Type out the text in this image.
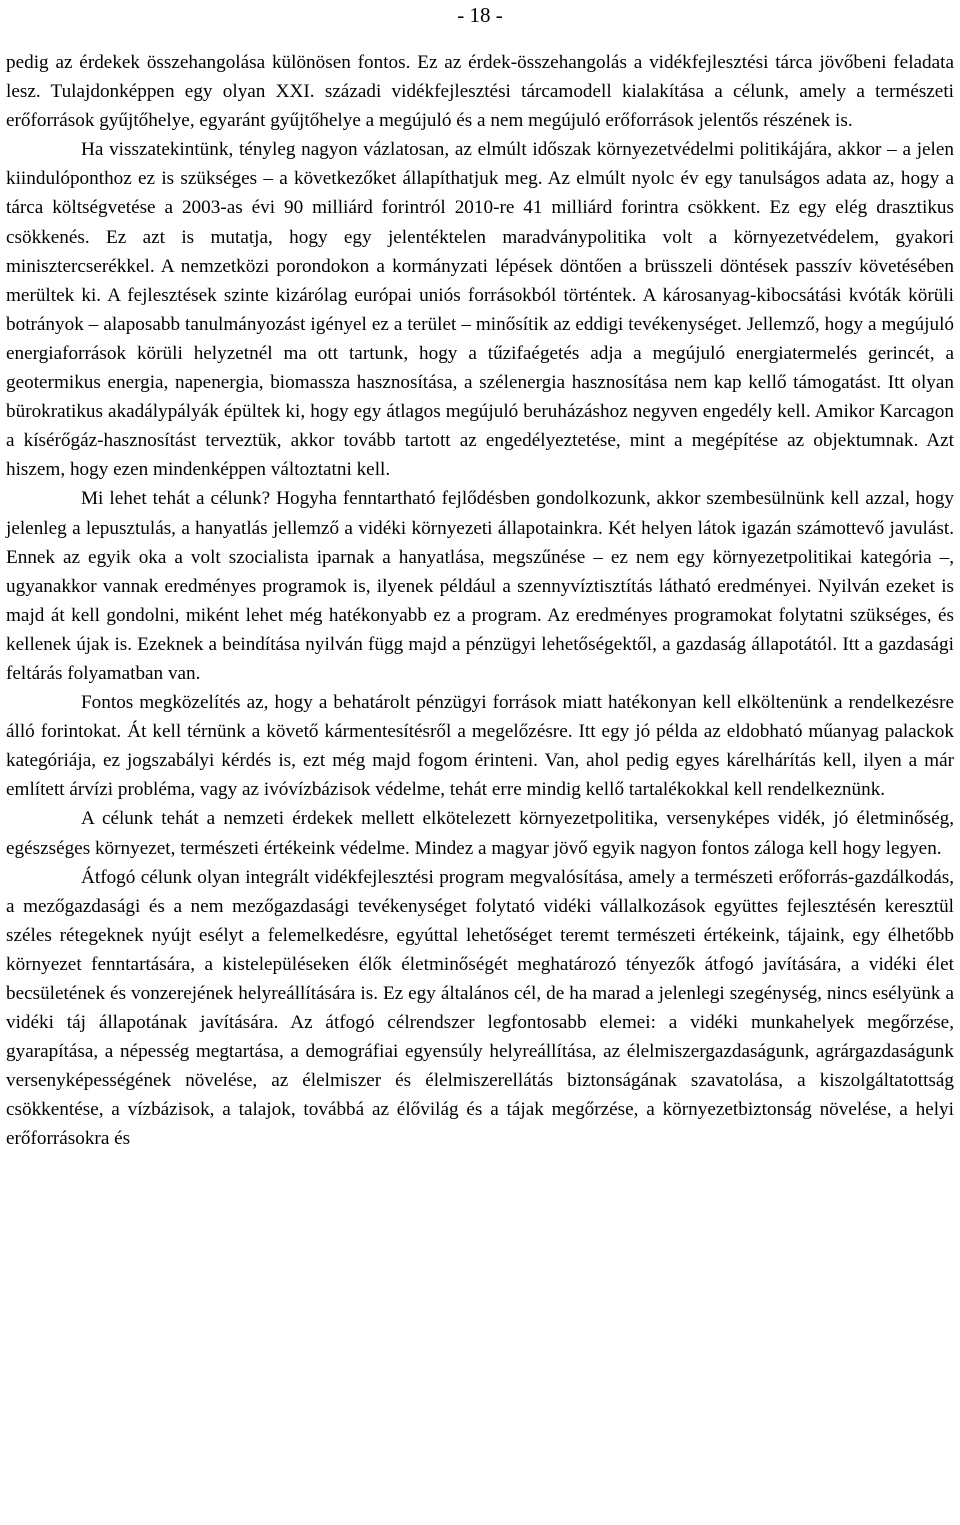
- 18 -

pedig az érdekek összehangolása különösen fontos. Ez az érdek-összehangolás a vidékfejlesztési tárca jövőbeni feladata lesz. Tulajdonképpen egy olyan XXI. századi vidékfejlesztési tárcamodell kialakítása a célunk, amely a természeti erőforrások gyűjtőhelye, egyaránt gyűjtőhelye a megújuló és a nem megújuló erőforrások jelentős részének is.

Ha visszatekintünk, tényleg nagyon vázlatosan, az elmúlt időszak környezetvédelmi politikájára, akkor – a jelen kiindulóponthoz ez is szükséges – a következőket állapíthatjuk meg. Az elmúlt nyolc év egy tanulságos adata az, hogy a tárca költségvetése a 2003-as évi 90 milliárd forintról 2010-re 41 milliárd forintra csökkent. Ez egy elég drasztikus csökkenés. Ez azt is mutatja, hogy egy jelentéktelen maradványpolitika volt a környezetvédelem, gyakori minisztercserékkel. A nemzetközi porondokon a kormányzati lépések döntően a brüsszeli döntések passzív követésében merültek ki. A fejlesztések szinte kizárólag európai uniós forrásokból történtek. A károsanyag-kibocsátási kvóták körüli botrányok – alaposabb tanulmányozást igényel ez a terület – minősítik az eddigi tevékenységet. Jellemző, hogy a megújuló energiaforrások körüli helyzetnél ma ott tartunk, hogy a tűzifaégetés adja a megújuló energiatermelés gerincét, a geotermikus energia, napenergia, biomassza hasznosítása, a szélenergia hasznosítása nem kap kellő támogatást. Itt olyan bürokratikus akadálypályák épültek ki, hogy egy átlagos megújuló beruházáshoz negyven engedély kell. Amikor Karcagon a kísérőgáz-hasznosítást terveztük, akkor tovább tartott az engedélyeztetése, mint a megépítése az objektumnak. Azt hiszem, hogy ezen mindenképpen változtatni kell.

Mi lehet tehát a célunk? Hogyha fenntartható fejlődésben gondolkozunk, akkor szembesülnünk kell azzal, hogy jelenleg a lepusztulás, a hanyatlás jellemző a vidéki környezeti állapotainkra. Két helyen látok igazán számottevő javulást. Ennek az egyik oka a volt szocialista iparnak a hanyatlása, megszűnése – ez nem egy környezetpolitikai kategória –, ugyanakkor vannak eredményes programok is, ilyenek például a szennyvíztisztítás látható eredményei. Nyilván ezeket is majd át kell gondolni, miként lehet még hatékonyabb ez a program. Az eredményes programokat folytatni szükséges, és kellenek újak is. Ezeknek a beindítása nyilván függ majd a pénzügyi lehetőségektől, a gazdaság állapotától. Itt a gazdasági feltárás folyamatban van.

Fontos megközelítés az, hogy a behatárolt pénzügyi források miatt hatékonyan kell elköltenünk a rendelkezésre álló forintokat. Át kell térnünk a követő kármentesítésről a megelőzésre. Itt egy jó példa az eldobható műanyag palackok kategóriája, ez jogszabályi kérdés is, ezt még majd fogom érinteni. Van, ahol pedig egyes kárelhárítás kell, ilyen a már említett árvízi probléma, vagy az ivóvízbázisok védelme, tehát erre mindig kellő tartalékokkal kell rendelkeznünk.

A célunk tehát a nemzeti érdekek mellett elkötelezett környezetpolitika, versenyképes vidék, jó életminőség, egészséges környezet, természeti értékeink védelme. Mindez a magyar jövő egyik nagyon fontos záloga kell hogy legyen.

Átfogó célunk olyan integrált vidékfejlesztési program megvalósítása, amely a természeti erőforrás-gazdálkodás, a mezőgazdasági és a nem mezőgazdasági tevékenységet folytató vidéki vállalkozások együttes fejlesztésén keresztül széles rétegeknek nyújt esélyt a felemelkedésre, egyúttal lehetőséget teremt természeti értékeink, tájaink, egy élhetőbb környezet fenntartására, a kistelepüléseken élők életminőségét meghatározó tényezők átfogó javítására, a vidéki élet becsületének és vonzerejének helyreállítására is. Ez egy általános cél, de ha marad a jelenlegi szegénység, nincs esélyünk a vidéki táj állapotának javítására. Az átfogó célrendszer legfontosabb elemei: a vidéki munkahelyek megőrzése, gyarapítása, a népesség megtartása, a demográfiai egyensúly helyreállítása, az élelmiszergazdaságunk, agrárgazdaságunk versenyképességének növelése, az élelmiszer és élelmiszerellátás biztonságának szavatolása, a kiszolgáltatottság csökkentése, a vízbázisok, a talajok, továbbá az élővilág és a tájak megőrzése, a környezetbiztonság növelése, a helyi erőforrásokra és
